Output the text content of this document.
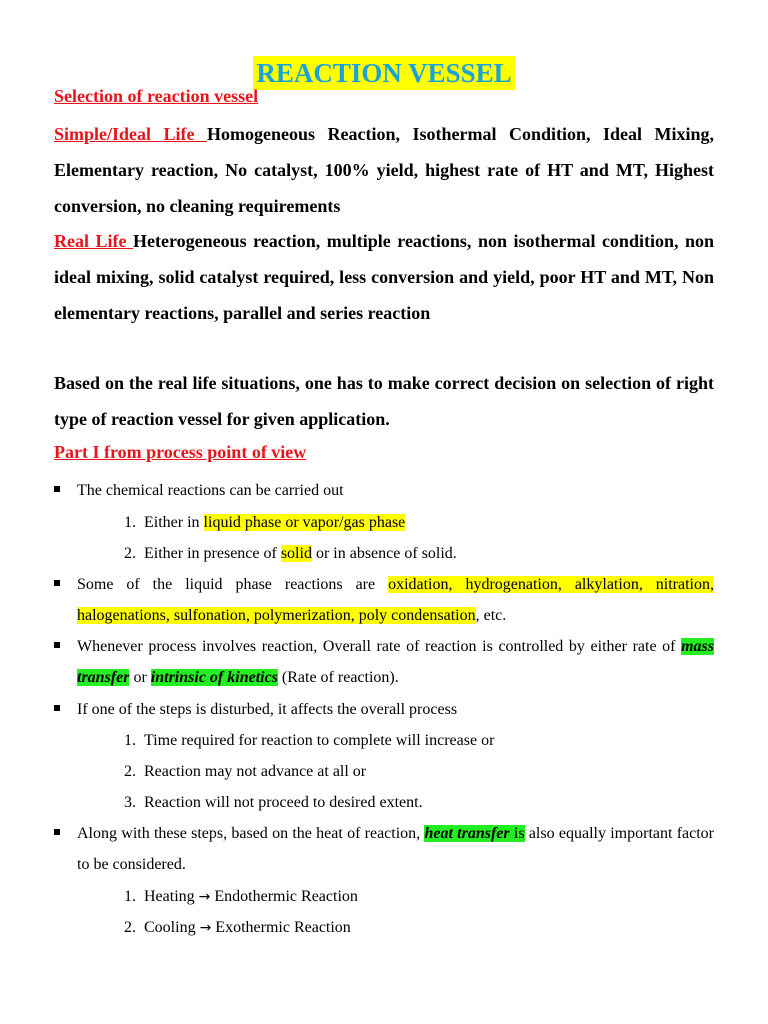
REACTION VESSEL
Selection of reaction vessel

Simple/Ideal Life Homogeneous Reaction, Isothermal Condition, Ideal Mixing, Elementary reaction, No catalyst, 100% yield, highest rate of HT and MT, Highest conversion, no cleaning requirements

Real Life Heterogeneous reaction, multiple reactions, non isothermal condition, non ideal mixing, solid catalyst required, less conversion and yield, poor HT and MT, Non elementary reactions, parallel and series reaction

Based on the real life situations, one has to make correct decision on selection of right type of reaction vessel for given application.

Part I from process point of view
The chemical reactions can be carried out
1. Either in liquid phase or vapor/gas phase
2. Either in presence of solid or in absence of solid.
Some of the liquid phase reactions are oxidation, hydrogenation, alkylation, nitration, halogenations, sulfonation, polymerization, poly condensation, etc.
Whenever process involves reaction, Overall rate of reaction is controlled by either rate of mass transfer or intrinsic of kinetics (Rate of reaction).
If one of the steps is disturbed, it affects the overall process
1. Time required for reaction to complete will increase or
2. Reaction may not advance at all or
3. Reaction will not proceed to desired extent.
Along with these steps, based on the heat of reaction, heat transfer is also equally important factor to be considered.
1. Heating → Endothermic Reaction
2. Cooling → Exothermic Reaction
